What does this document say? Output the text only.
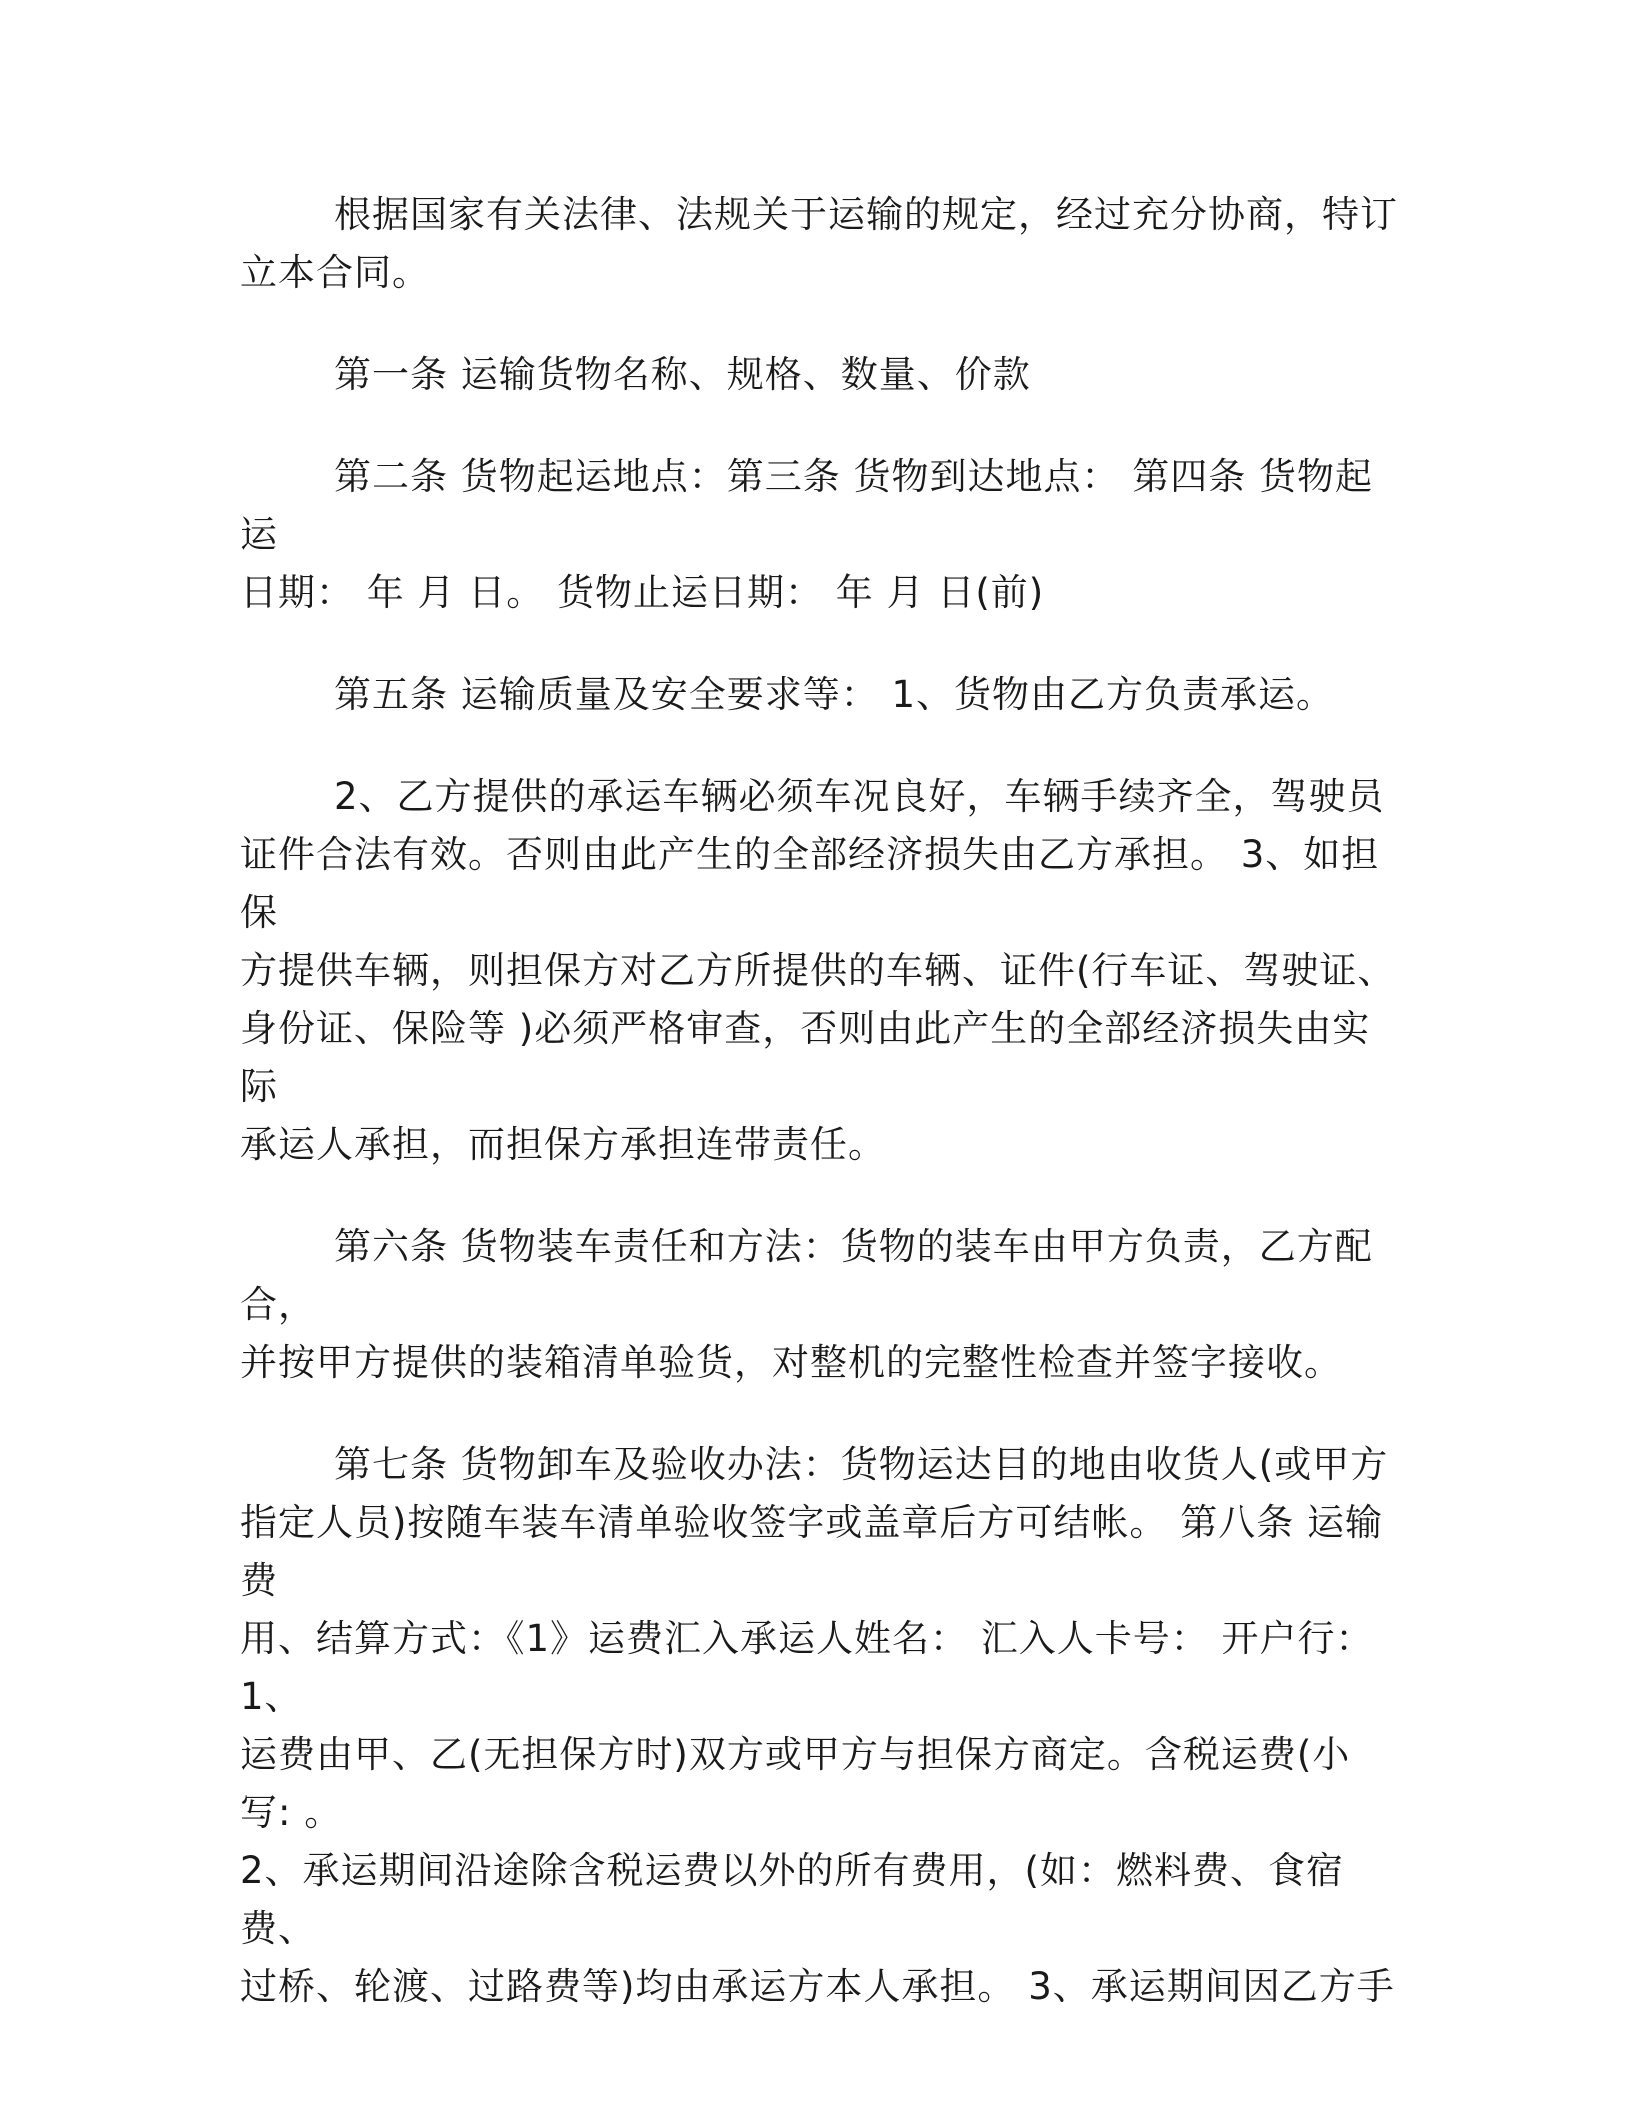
根据国家有关法律、法规关于运输的规定，经过充分协商，特订
立本合同。

第一条 运输货物名称、规格、数量、价款

第二条 货物起运地点：第三条 货物到达地点： 第四条 货物起运
日期： 年 月 日。 货物止运日期： 年 月 日(前)

第五条 运输质量及安全要求等： 1、货物由乙方负责承运。

2、乙方提供的承运车辆必须车况良好，车辆手续齐全，驾驶员
证件合法有效。否则由此产生的全部经济损失由乙方承担。 3、如担保
方提供车辆，则担保方对乙方所提供的车辆、证件(行车证、驾驶证、
身份证、保险等 )必须严格审查，否则由此产生的全部经济损失由实际
承运人承担，而担保方承担连带责任。

第六条 货物装车责任和方法：货物的装车由甲方负责，乙方配合，
并按甲方提供的装箱清单验货，对整机的完整性检查并签字接收。

第七条 货物卸车及验收办法：货物运达目的地由收货人(或甲方
指定人员)按随车装车清单验收签字或盖章后方可结帐。 第八条 运输费
用、结算方式：《1》运费汇入承运人姓名： 汇入人卡号： 开户行： 1、
运费由甲、乙(无担保方时)双方或甲方与担保方商定。含税运费(小写: 。
2、承运期间沿途除含税运费以外的所有费用，(如：燃料费、食宿费、
过桥、轮渡、过路费等)均由承运方本人承担。 3、承运期间因乙方手
